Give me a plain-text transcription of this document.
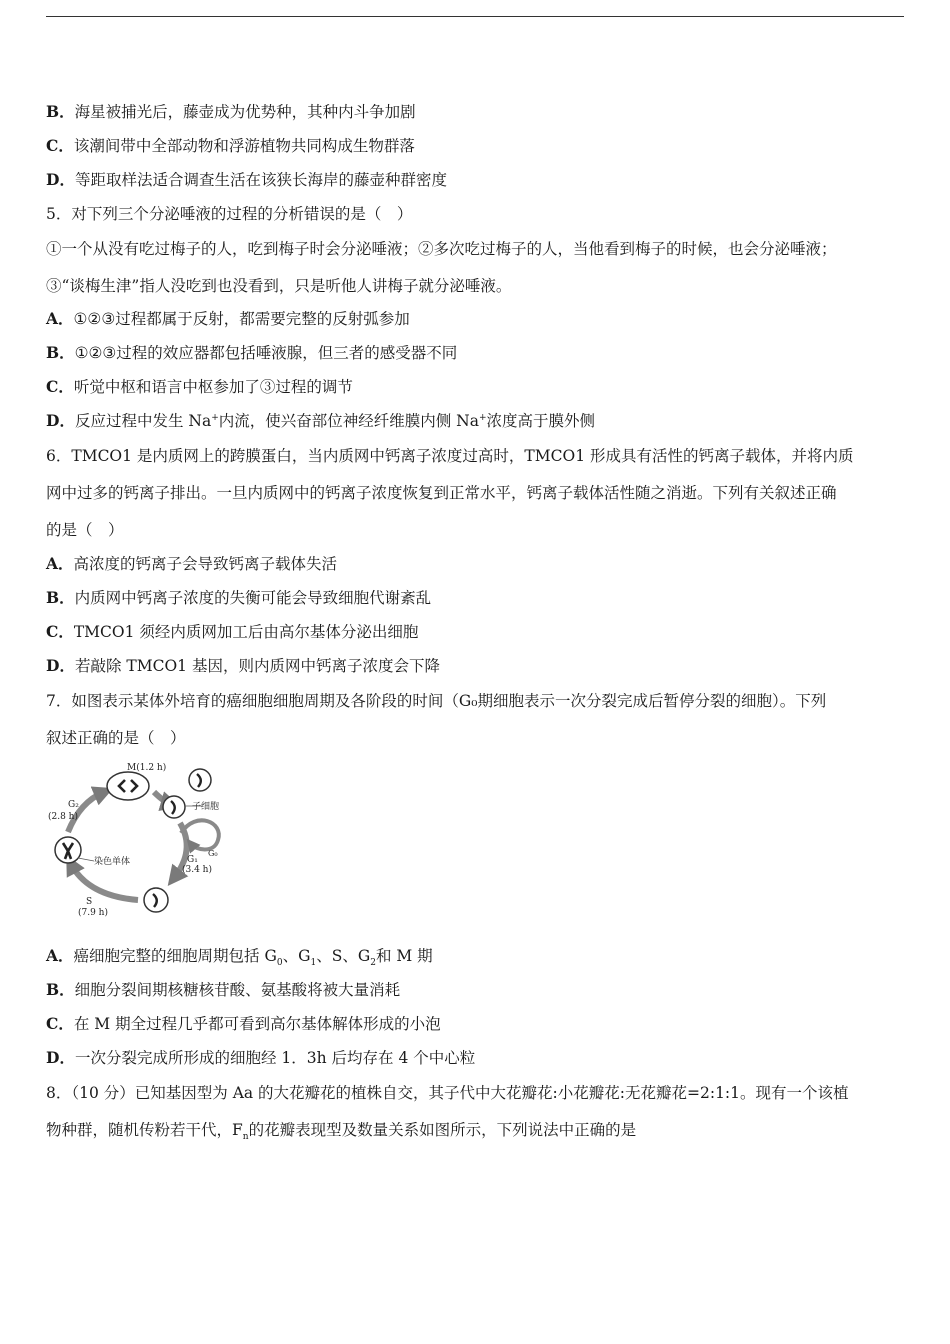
B．海星被捕光后，藤壶成为优势种，其种内斗争加剧
C．该潮间带中全部动物和浮游植物共同构成生物群落
D．等距取样法适合调查生活在该狭长海岸的藤壶种群密度
5．对下列三个分泌唾液的过程的分析错误的是（　）
①一个从没有吃过梅子的人，吃到梅子时会分泌唾液；②多次吃过梅子的人，当他看到梅子的时候，也会分泌唾液；
③“谈梅生津”指人没吃到也没看到，只是听他人讲梅子就分泌唾液。
A．①②③过程都属于反射，都需要完整的反射弧参加
B．①②③过程的效应器都包括唾液腺，但三者的感受器不同
C．听觉中枢和语言中枢参加了③过程的调节
D．反应过程中发生 Na+内流，使兴奋部位神经纤维膜内侧 Na+浓度高于膜外侧
6．TMCO1 是内质网上的跨膜蛋白，当内质网中钙离子浓度过高时，TMCO1 形成具有活性的钙离子载体，并将内质
网中过多的钙离子排出。一旦内质网中的钙离子浓度恢复到正常水平，钙离子载体活性随之消逝。下列有关叙述正确
的是（　）
A．高浓度的钙离子会导致钙离子载体失活
B．内质网中钙离子浓度的失衡可能会导致细胞代谢紊乱
C．TMCO1 须经内质网加工后由高尔基体分泌出细胞
D．若敲除 TMCO1 基因，则内质网中钙离子浓度会下降
7．如图表示某体外培育的癌细胞细胞周期及各阶段的时间（G₀期细胞表示一次分裂完成后暂停分裂的细胞）。下列
叙述正确的是（　）
M(1.2 h)
G₂
(2.8 h)
子细胞
G₀
G₁
(3.4 h)
染色单体
S
(7.9 h)
A．癌细胞完整的细胞周期包括 $G_0$、$G_1$、S、$G_2$和 M 期
B．细胞分裂间期核糖核苷酸、氨基酸将被大量消耗
C．在 M 期全过程几乎都可看到高尔基体解体形成的小泡
D．一次分裂完成所形成的细胞经 1．3h 后均存在 4 个中心粒
8．（10 分）已知基因型为 Aa 的大花瓣花的植株自交，其子代中大花瓣花:小花瓣花:无花瓣花=2:1:1。现有一个该植
物种群，随机传粉若干代，$F_n$的花瓣表现型及数量关系如图所示，下列说法中正确的是
